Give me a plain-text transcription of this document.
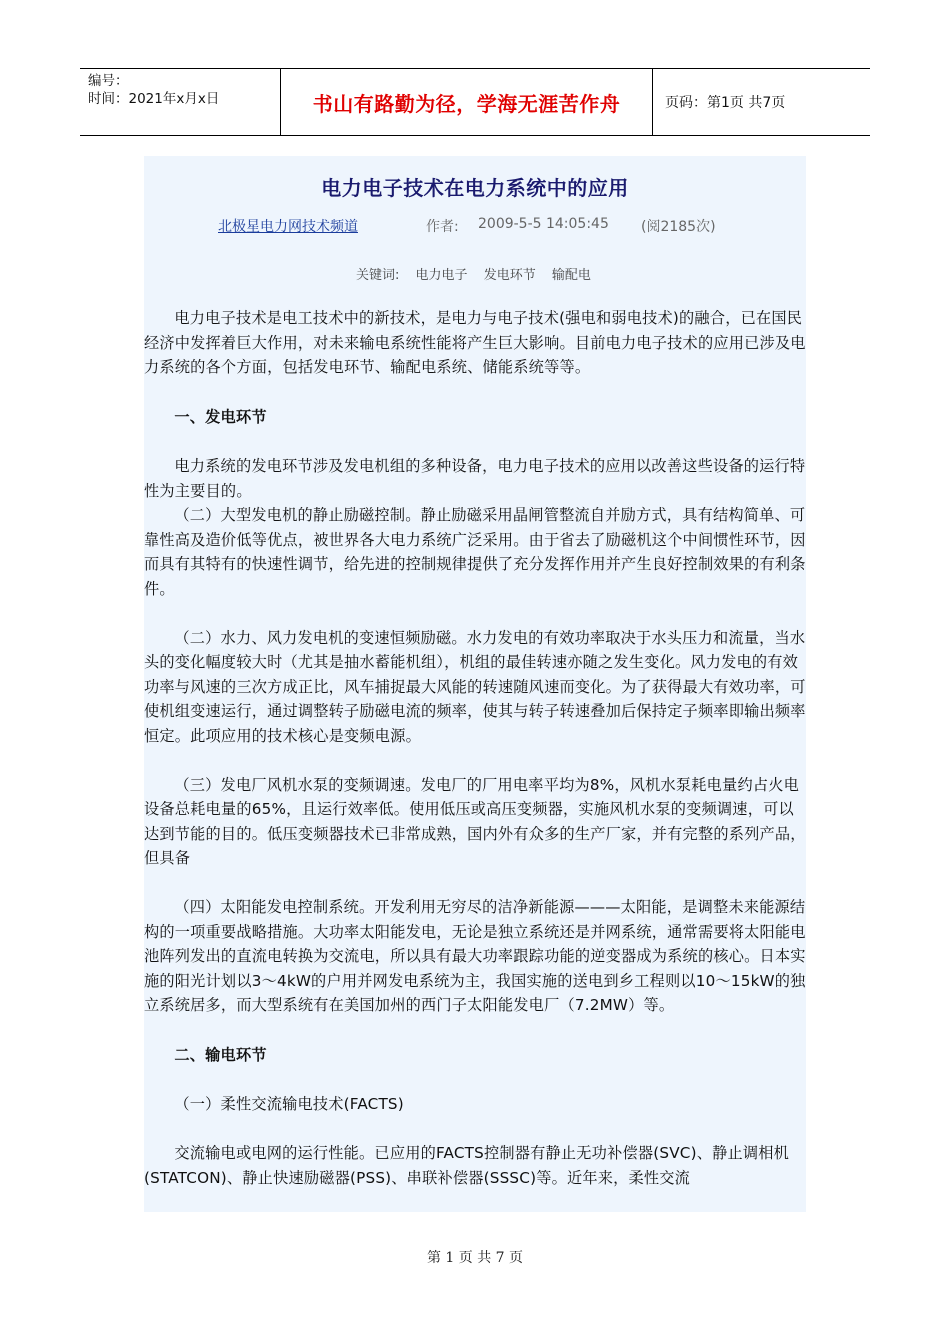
编号：
时间：2021年x月x日	书山有路勤为径，学海无涯苦作舟	页码：第1页 共7页
电力电子技术在电力系统中的应用
北极星电力网技术频道	作者: 2009-5-5 14:05:45 (阅2185次)
关键词: 电力电子 发电环节 输配电

电力电子技术是电工技术中的新技术，是电力与电子技术(强电和弱电技术)的融合，已在国民经济中发挥着巨大作用，对未来输电系统性能将产生巨大影响。目前电力电子技术的应用已涉及电力系统的各个方面，包括发电环节、输配电系统、储能系统等等。

一、发电环节

电力系统的发电环节涉及发电机组的多种设备，电力电子技术的应用以改善这些设备的运行特性为主要目的。

（二）大型发电机的静止励磁控制。静止励磁采用晶闸管整流自并励方式，具有结构简单、可靠性高及造价低等优点，被世界各大电力系统广泛采用。由于省去了励磁机这个中间惯性环节，因而具有其特有的快速性调节，给先进的控制规律提供了充分发挥作用并产生良好控制效果的有利条件。

（二）水力、风力发电机的变速恒频励磁。水力发电的有效功率取决于水头压力和流量，当水头的变化幅度较大时（尤其是抽水蓄能机组），机组的最佳转速亦随之发生变化。风力发电的有效功率与风速的三次方成正比，风车捕捉最大风能的转速随风速而变化。为了获得最大有效功率，可使机组变速运行，通过调整转子励磁电流的频率，使其与转子转速叠加后保持定子频率即输出频率恒定。此项应用的技术核心是变频电源。

（三）发电厂风机水泵的变频调速。发电厂的厂用电率平均为8%，风机水泵耗电量约占火电设备总耗电量的65%，且运行效率低。使用低压或高压变频器，实施风机水泵的变频调速，可以达到节能的目的。低压变频器技术已非常成熟，国内外有众多的生产厂家，并有完整的系列产品，但具备

（四）太阳能发电控制系统。开发利用无穷尽的洁净新能源———太阳能，是调整未来能源结构的一项重要战略措施。大功率太阳能发电，无论是独立系统还是并网系统，通常需要将太阳能电池阵列发出的直流电转换为交流电，所以具有最大功率跟踪功能的逆变器成为系统的核心。日本实施的阳光计划以3～4kW的户用并网发电系统为主，我国实施的送电到乡工程则以10～15kW的独立系统居多，而大型系统有在美国加州的西门子太阳能发电厂（7.2MW）等。

二、输电环节

（一）柔性交流输电技术(FACTS)

交流输电或电网的运行性能。已应用的FACTS控制器有静止无功补偿器(SVC)、静止调相机(STATCON)、静止快速励磁器(PSS)、串联补偿器(SSSC)等。近年来，柔性交流

第 1 页 共 7 页
